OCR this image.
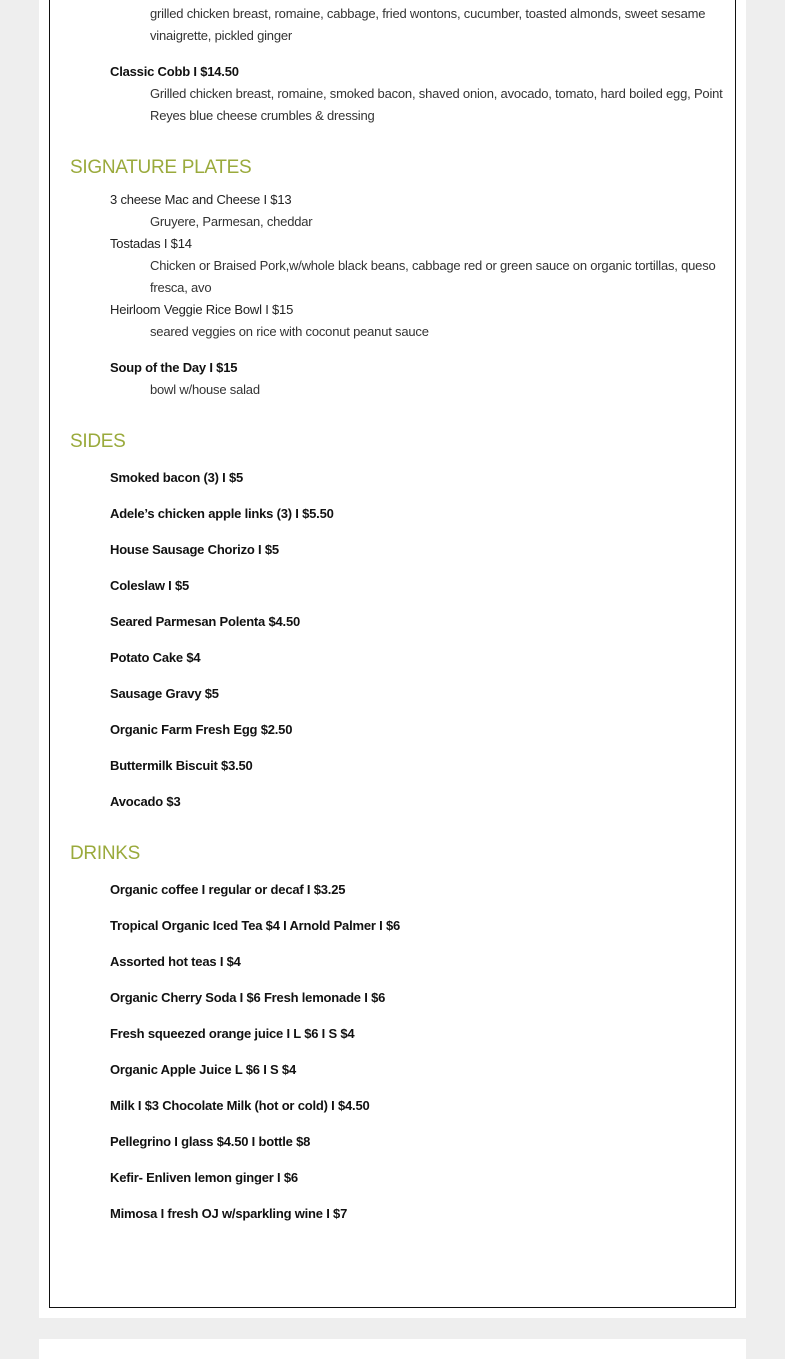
grilled chicken breast, romaine, cabbage, fried wontons, cucumber, toasted almonds, sweet sesame
vinaigrette, pickled ginger
Classic Cobb I $14.50
Grilled chicken breast, romaine, smoked bacon, shaved onion, avocado, tomato, hard boiled egg, Point
Reyes blue cheese crumbles & dressing
SIGNATURE PLATES
3 cheese Mac and Cheese I $13
Gruyere, Parmesan, cheddar
Tostadas I $14
Chicken or Braised Pork,w/whole black beans, cabbage red or green sauce on organic tortillas, queso
fresca, avo
Heirloom Veggie Rice Bowl I $15
seared veggies on rice with coconut peanut sauce
Soup of the Day I $15
bowl w/house salad
SIDES
Smoked bacon (3) I $5
Adele’s chicken apple links (3) I $5.50
House Sausage Chorizo I $5
Coleslaw I $5
Seared Parmesan Polenta $4.50
Potato Cake $4
Sausage Gravy $5
Organic Farm Fresh Egg $2.50
Buttermilk Biscuit $3.50
Avocado $3
DRINKS
Organic coffee I regular or decaf I $3.25
Tropical Organic Iced Tea $4 I Arnold Palmer I $6
Assorted hot teas I $4
Organic Cherry Soda I $6 Fresh lemonade I $6
Fresh squeezed orange juice I L $6 I S $4
Organic Apple Juice L $6 I S $4
Milk I $3 Chocolate Milk (hot or cold) I $4.50
Pellegrino I glass $4.50 I bottle $8
Kefir- Enliven lemon ginger I $6
Mimosa I fresh OJ w/sparkling wine I $7
